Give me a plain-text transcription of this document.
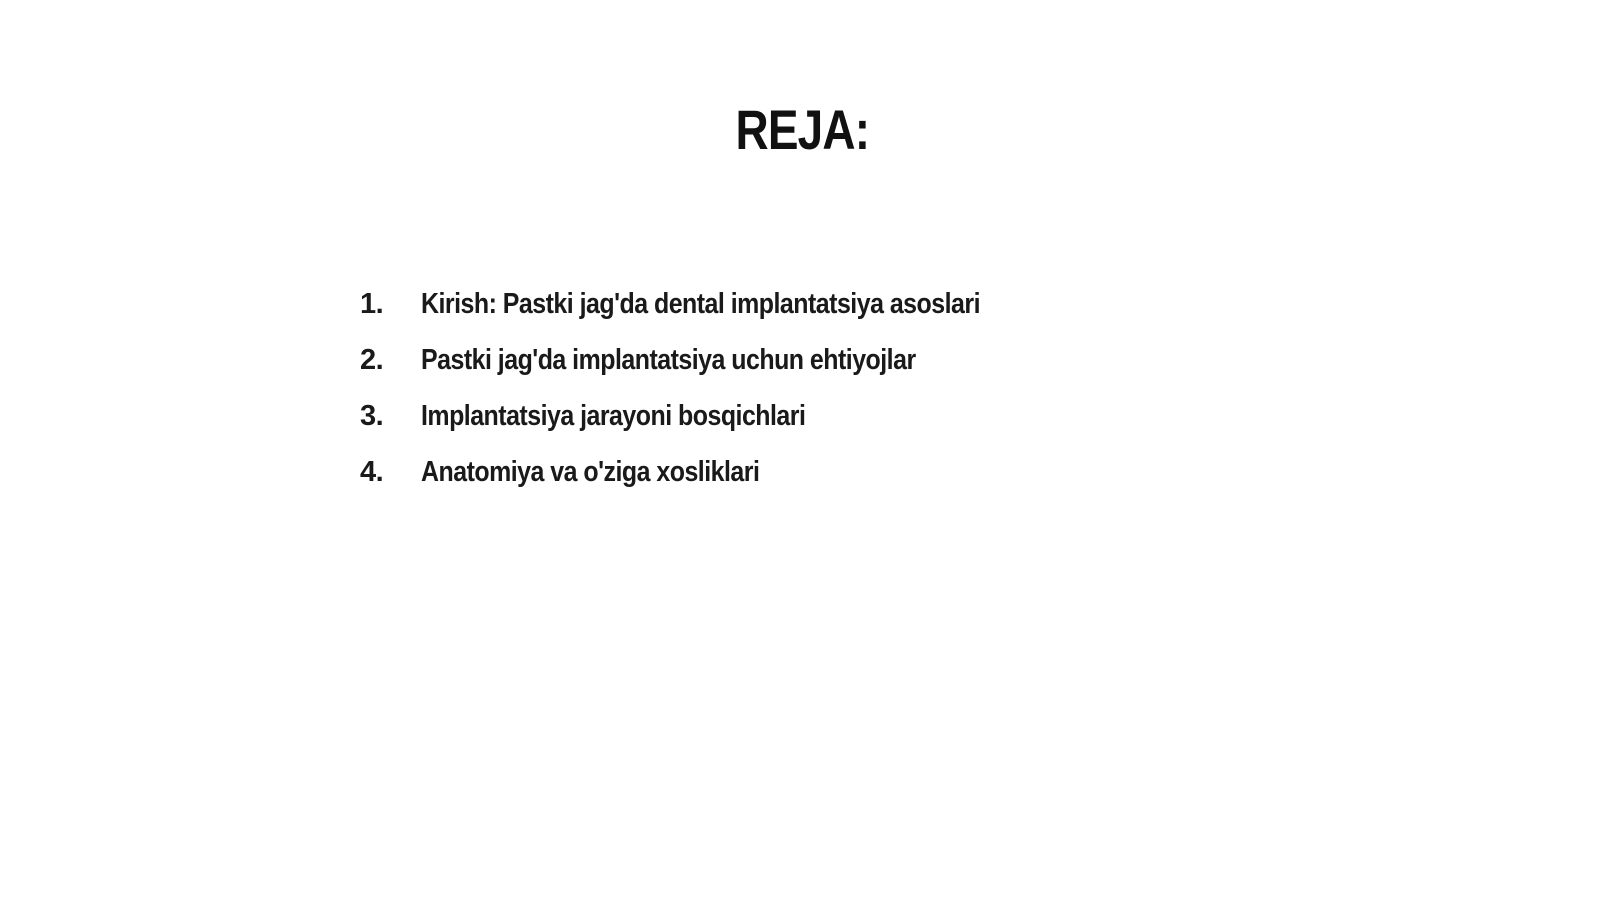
REJA:
1.	Kirish: Pastki jag'da dental implantatsiya asoslari
2.	Pastki jag'da implantatsiya uchun ehtiyojlar
3.	Implantatsiya jarayoni bosqichlari
4.	Anatomiya va o'ziga xosliklari
